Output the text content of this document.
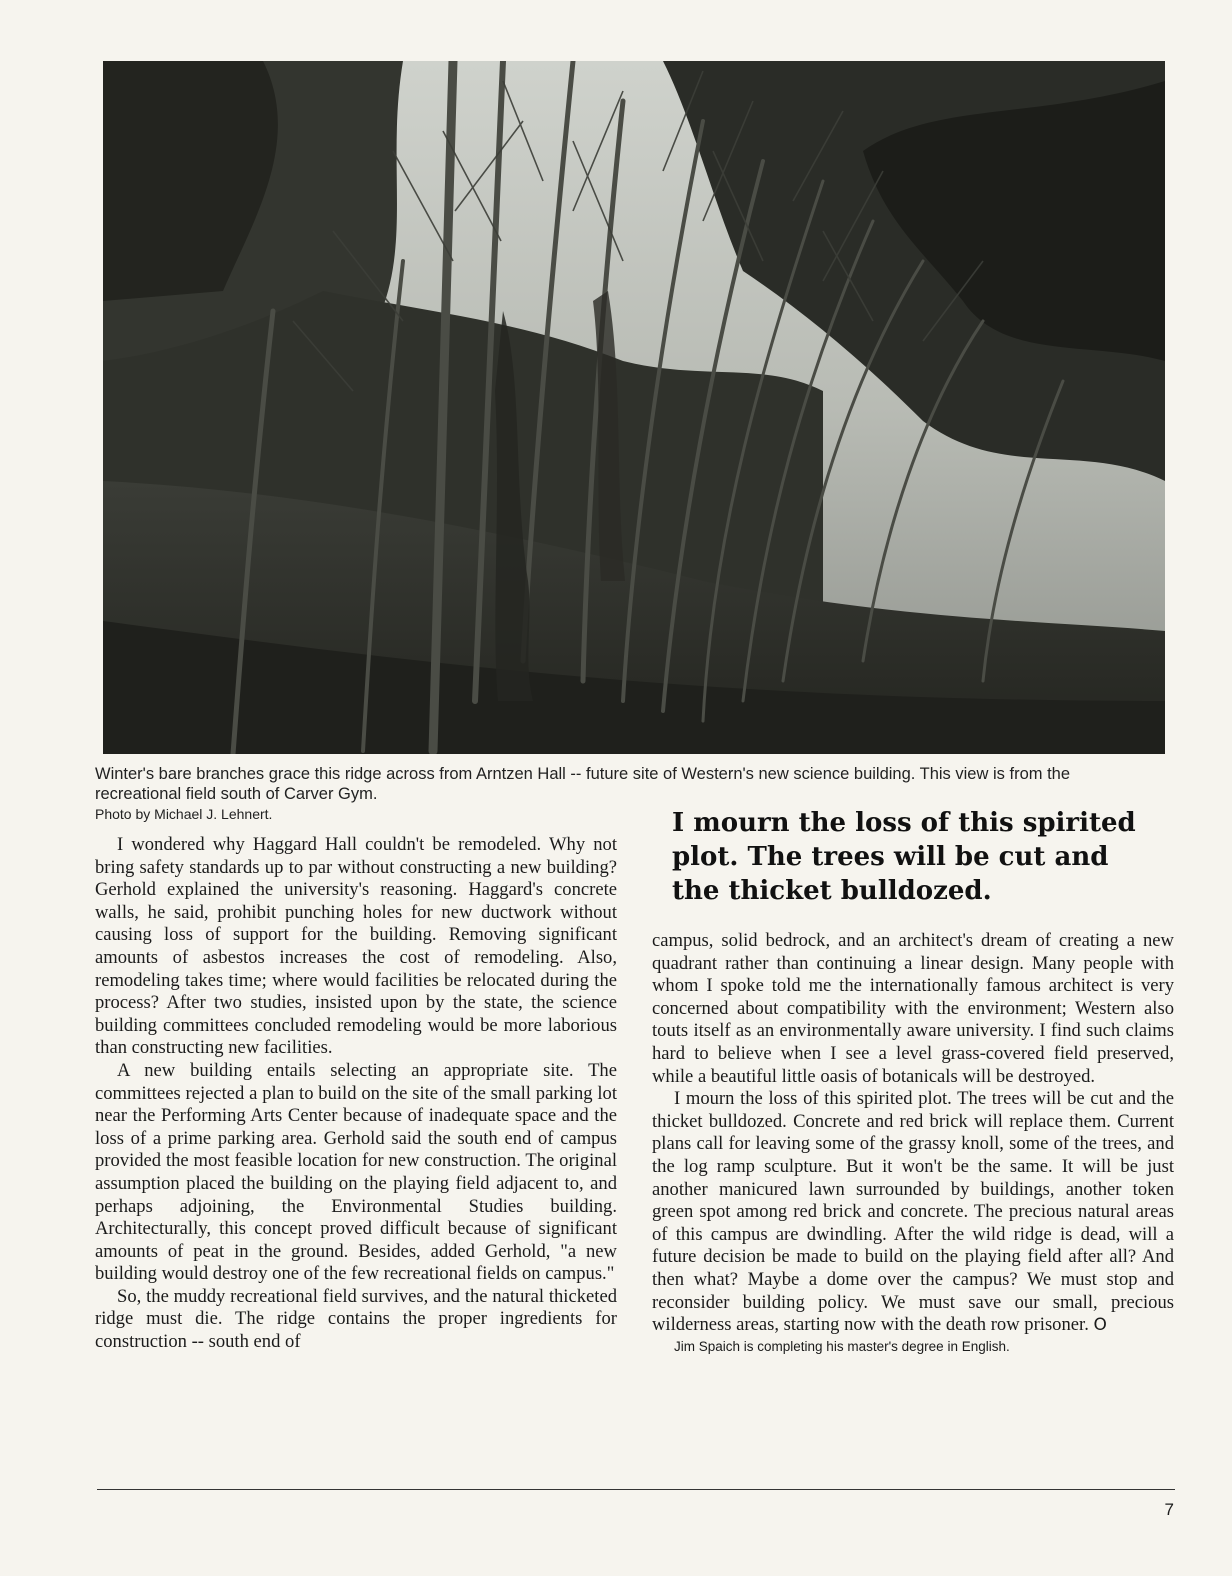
Winter's bare branches grace this ridge across from Arntzen Hall -- future site of Western's new science building. This view is from the recreational field south of Carver Gym.
Photo by Michael J. Lehnert.	I mourn the loss of this spirited plot. The trees will be cut and the thicket bulldozed.

I wondered why Haggard Hall couldn't be remodeled. Why not bring safety standards up to par without constructing a new building? Gerhold explained the university's reasoning. Haggard's concrete walls, he said, prohibit punching holes for new ductwork without causing loss of support for the building. Removing significant amounts of asbestos increases the cost of remodeling. Also, remodeling takes time; where would facilities be relocated during the process? After two studies, insisted upon by the state, the science building committees concluded remodeling would be more laborious than constructing new facilities.

A new building entails selecting an appropriate site. The committees rejected a plan to build on the site of the small parking lot near the Performing Arts Center because of inadequate space and the loss of a prime parking area. Gerhold said the south end of campus provided the most feasible location for new construction. The original assumption placed the building on the playing field adjacent to, and perhaps adjoining, the Environmental Studies building. Architecturally, this concept proved difficult because of significant amounts of peat in the ground. Besides, added Gerhold, "a new building would destroy one of the few recreational fields on campus."

So, the muddy recreational field survives, and the natural thicketed ridge must die. The ridge contains the proper ingredients for construction -- south end of

campus, solid bedrock, and an architect's dream of creating a new quadrant rather than continuing a linear design. Many people with whom I spoke told me the internationally famous architect is very concerned about compatibility with the environment; Western also touts itself as an environmentally aware university. I find such claims hard to believe when I see a level grass-covered field preserved, while a beautiful little oasis of botanicals will be destroyed.

I mourn the loss of this spirited plot. The trees will be cut and the thicket bulldozed. Concrete and red brick will replace them. Current plans call for leaving some of the grassy knoll, some of the trees, and the log ramp sculpture. But it won't be the same. It will be just another manicured lawn surrounded by buildings, another token green spot among red brick and concrete. The precious natural areas of this campus are dwindling. After the wild ridge is dead, will a future decision be made to build on the playing field after all? And then what? Maybe a dome over the campus? We must stop and reconsider building policy. We must save our small, precious wilderness areas, starting now with the death row prisoner. O

Jim Spaich is completing his master's degree in English.

7
